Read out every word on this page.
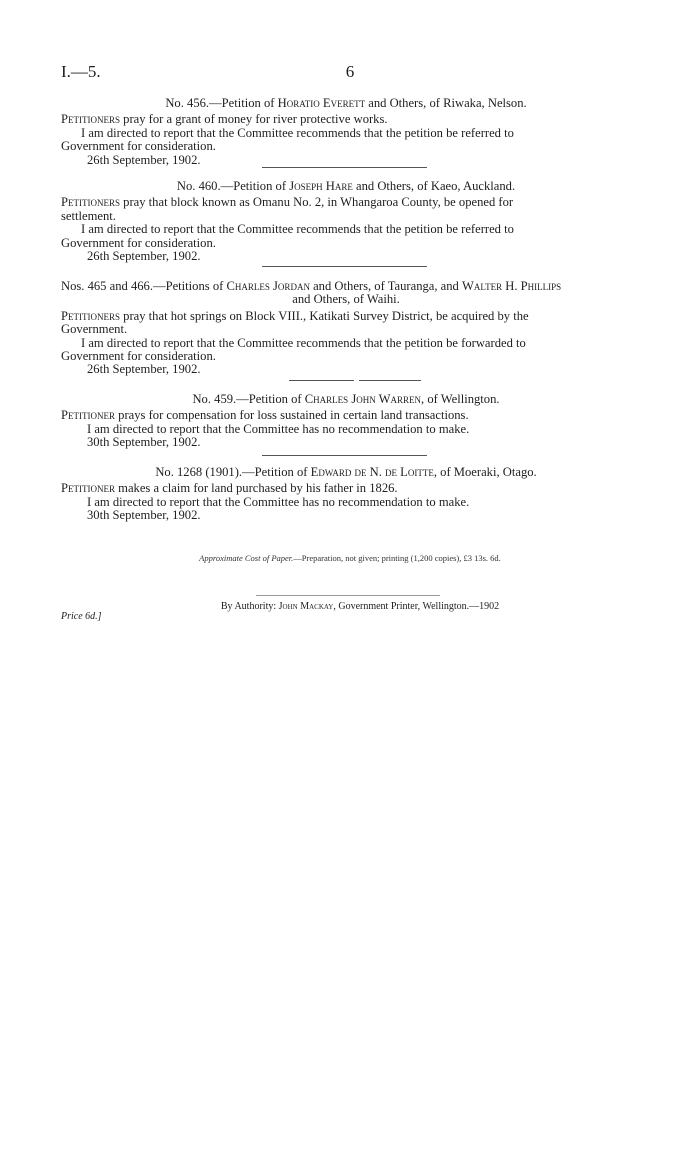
I.—5.	6
No. 456.—Petition of Horatio Everett and Others, of Riwaka, Nelson.

Petitioners pray for a grant of money for river protective works.

I am directed to report that the Committee recommends that the petition be referred to

Government for consideration.

26th September, 1902.

No. 460.—Petition of Joseph Hare and Others, of Kaeo, Auckland.

Petitioners pray that block known as Omanu No. 2, in Whangaroa County, be opened for

settlement.

I am directed to report that the Committee recommends that the petition be referred to

Government for consideration.

26th September, 1902.

Nos. 465 and 466.—Petitions of Charles Jordan and Others, of Tauranga, and Walter H. Phillips
and Others, of Waihi.

Petitioners pray that hot springs on Block VIII., Katikati Survey District, be acquired by the

Government.

I am directed to report that the Committee recommends that the petition be forwarded to

Government for consideration.

26th September, 1902.

No. 459.—Petition of Charles John Warren, of Wellington.

Petitioner prays for compensation for loss sustained in certain land transactions.

I am directed to report that the Committee has no recommendation to make.

30th September, 1902.

No. 1268 (1901).—Petition of Edward de N. de Loitte, of Moeraki, Otago.

Petitioner makes a claim for land purchased by his father in 1826.

I am directed to report that the Committee has no recommendation to make.

30th September, 1902.

Approximate Cost of Paper.—Preparation, not given; printing (1,200 copies), £3 13s. 6d.
By Authority: John Mackay, Government Printer, Wellington.—1902
Price 6d.]
